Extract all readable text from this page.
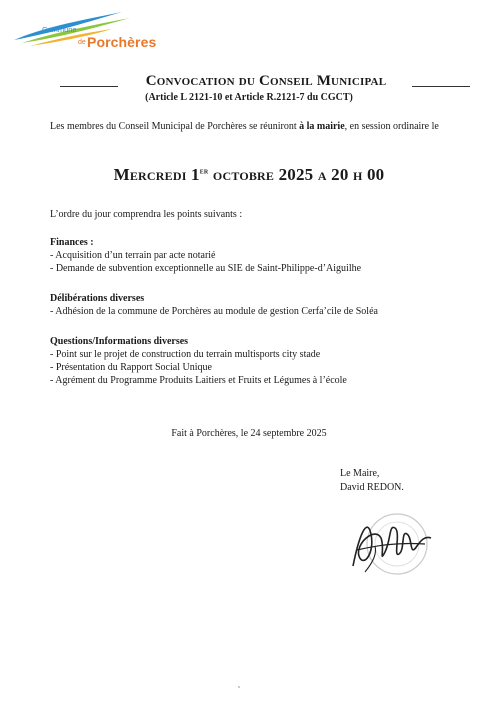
Commune
de Porchères
Convocation du Conseil Municipal
(Article L 2121-10 et Article R.2121-7 du CGCT)
Les membres du Conseil Municipal de Porchères se réuniront à la mairie, en session ordinaire le
Mercredi 1er octobre 2025 a 20 h 00
L’ordre du jour comprendra les points suivants :
Finances :
- Acquisition d’un terrain par acte notarié
- Demande de subvention exceptionnelle au SIE de Saint-Philippe-d’Aiguilhe
Délibérations diverses
- Adhésion de la commune de Porchères au module de gestion Cerfa’cile de Soléa
Questions/Informations diverses
- Point sur le projet de construction du terrain multisports city stade
- Présentation du Rapport Social Unique
- Agrément du Programme Produits Laitiers et Fruits et Légumes à l’école
Fait à Porchères, le 24 septembre 2025
Le Maire,
David REDON.
